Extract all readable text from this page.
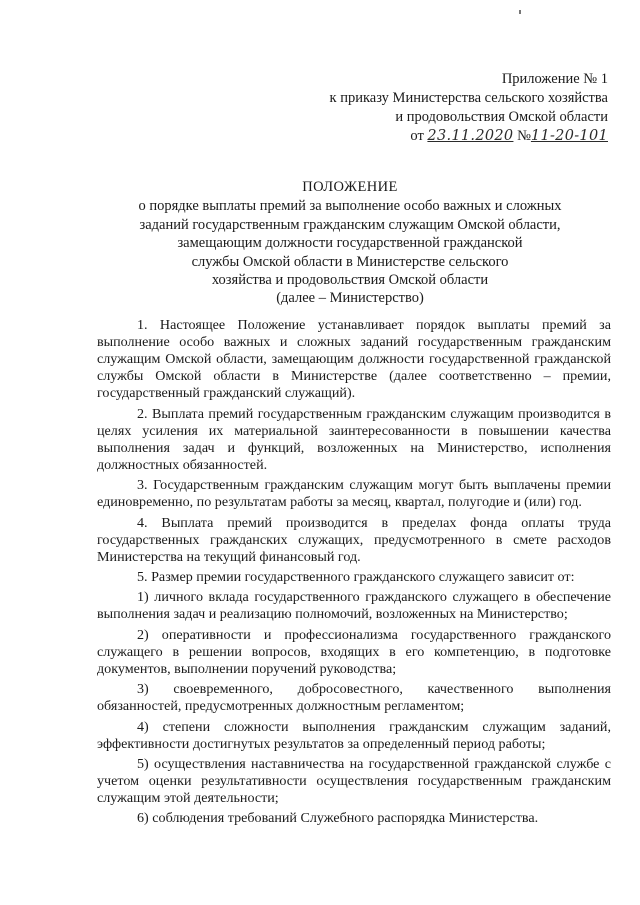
Приложение № 1
к приказу Министерства сельского хозяйства
и продовольствия Омской области
от 23.11.2020 №11-20-101
ПОЛОЖЕНИЕ
о порядке выплаты премий за выполнение особо важных и сложных
заданий государственным гражданским служащим Омской области,
замещающим должности государственной гражданской
службы Омской области в Министерстве сельского
хозяйства и продовольствия Омской области
(далее – Министерство)

1. Настоящее Положение устанавливает порядок выплаты премий за выполнение особо важных и сложных заданий государственным гражданским служащим Омской области, замещающим должности государственной гражданской службы Омской области в Министерстве (далее соответственно – премии, государственный гражданский служащий).

2. Выплата премий государственным гражданским служащим производится в целях усиления их материальной заинтересованности в повышении качества выполнения задач и функций, возложенных на Министерство, исполнения должностных обязанностей.

3. Государственным гражданским служащим могут быть выплачены премии единовременно, по результатам работы за месяц, квартал, полугодие и (или) год.

4. Выплата премий производится в пределах фонда оплаты труда государственных гражданских служащих, предусмотренного в смете расходов Министерства на текущий финансовый год.

5. Размер премии государственного гражданского служащего зависит от:

1) личного вклада государственного гражданского служащего в обеспечение выполнения задач и реализацию полномочий, возложенных на Министерство;

2) оперативности и профессионализма государственного гражданского служащего в решении вопросов, входящих в его компетенцию, в подготовке документов, выполнении поручений руководства;

3) своевременного, добросовестного, качественного выполнения обязанностей, предусмотренных должностным регламентом;

4) степени сложности выполнения гражданским служащим заданий, эффективности достигнутых результатов за определенный период работы;

5) осуществления наставничества на государственной гражданской службе с учетом оценки результативности осуществления государственным гражданским служащим этой деятельности;

6) соблюдения требований Служебного распорядка Министерства.
